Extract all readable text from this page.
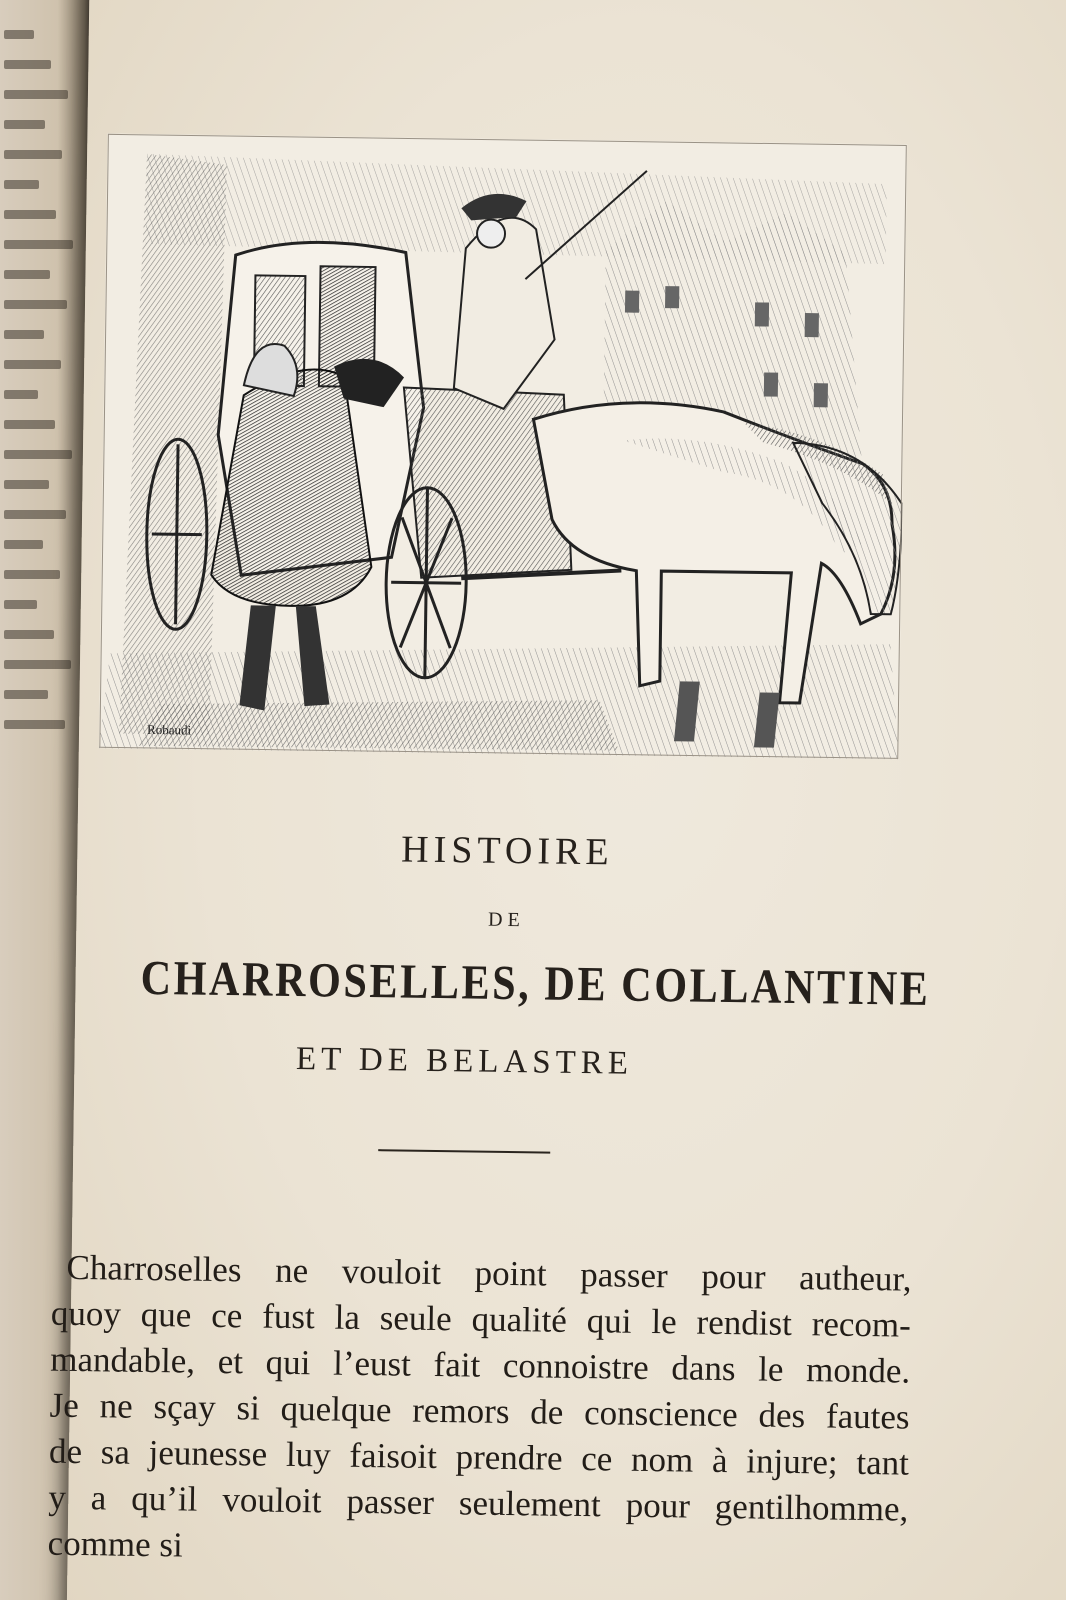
Robaudi
HISTOIRE
DE
CHARROSELLES, DE COLLANTINE
ET DE BELASTRE
Charroselles ne vouloit point passer pour autheur,
quoy que ce fust la seule qualité qui le rendist recom-
mandable, et qui l’eust fait connoistre dans le monde.
Je ne sçay si quelque remors de conscience des fautes
de sa jeunesse luy faisoit prendre ce nom à injure; tant
y a qu’il vouloit passer seulement pour gentilhomme,
comme si
